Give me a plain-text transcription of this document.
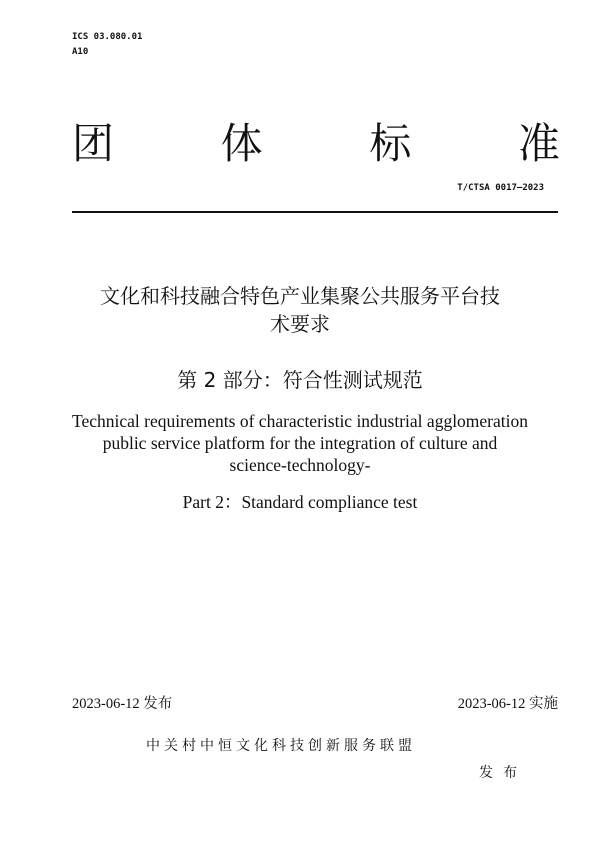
ICS 03.080.01
A10
团	体	标	准
T/CTSA 0017—2023
文化和科技融合特色产业集聚公共服务平台技
术要求
第 2 部分：符合性测试规范
Technical requirements of characteristic industrial agglomeration
public service platform for the integration of culture and
science-technology-
Part 2：Standard compliance test
2023-06-12 发布	2023-06-12 实施
中关村中恒文化科技创新服务联盟
发布
